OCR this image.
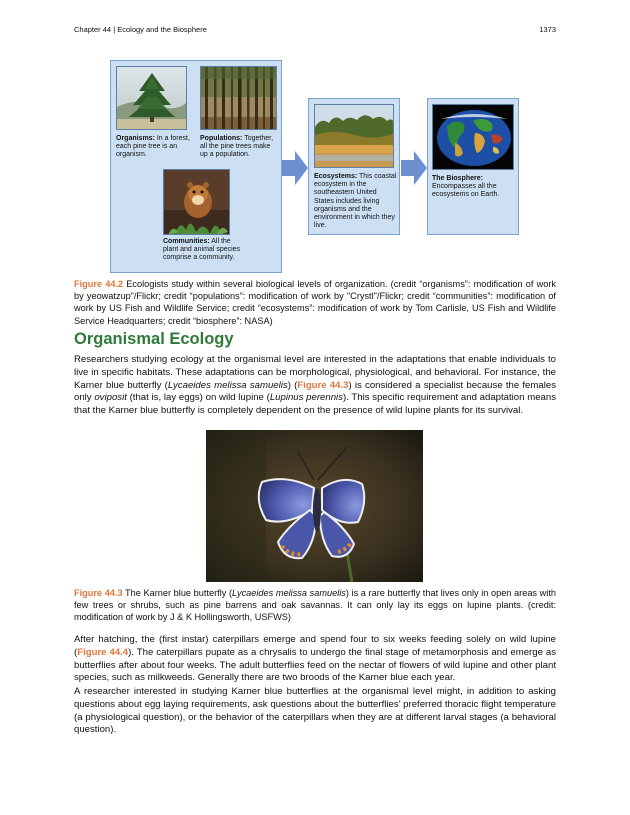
Chapter 44 | Ecology and the Biosphere	1373
Organisms: In a forest, each pine tree is an organism.
Populations: Together, all the pine trees make up a population.
Communities: All the plant and animal species comprise a community.
Ecosystems: This coastal ecosystem in the southeastern United States includes living organisms and the environment in which they live.
The Biosphere: Encompasses all the ecosystems on Earth.
Figure 44.2 Ecologists study within several biological levels of organization. (credit “organisms”: modification of work by yeowatzup”/Flickr; credit “populations”: modification of work by "Crystl"/Flickr; credit “communities”: modification of work by US Fish and Wildlife Service; credit “ecosystems”: modification of work by Tom Carlisle, US Fish and Wildlife Service Headquarters; credit “biosphere”: NASA)
Organismal Ecology
Researchers studying ecology at the organismal level are interested in the adaptations that enable individuals to live in specific habitats. These adaptations can be morphological, physiological, and behavioral. For instance, the Karner blue butterfly (Lycaeides melissa samuelis) (Figure 44.3) is considered a specialist because the females only oviposit (that is, lay eggs) on wild lupine (Lupinus perennis). This specific requirement and adaptation means that the Karner blue butterfly is completely dependent on the presence of wild lupine plants for its survival.
Figure 44.3 The Karner blue butterfly (Lycaeides melissa samuelis) is a rare butterfly that lives only in open areas with few trees or shrubs, such as pine barrens and oak savannas. It can only lay its eggs on lupine plants. (credit: modification of work by J & K Hollingsworth, USFWS)
After hatching, the (first instar) caterpillars emerge and spend four to six weeks feeding solely on wild lupine (Figure 44.4). The caterpillars pupate as a chrysalis to undergo the final stage of metamorphosis and emerge as butterflies after about four weeks. The adult butterflies feed on the nectar of flowers of wild lupine and other plant species, such as milkweeds. Generally there are two broods of the Karner blue each year.
A researcher interested in studying Karner blue butterflies at the organismal level might, in addition to asking questions about egg laying requirements, ask questions about the butterflies’ preferred thoracic flight temperature (a physiological question), or the behavior of the caterpillars when they are at different larval stages (a behavioral question).
